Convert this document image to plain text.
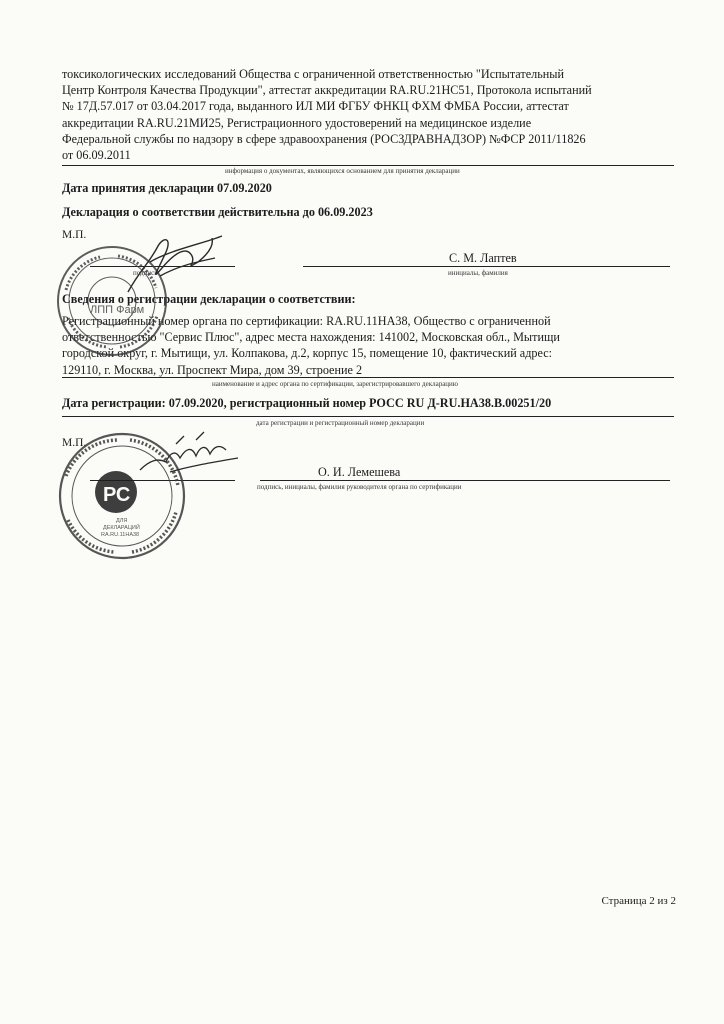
токсикологических исследований Общества с ограниченной ответственностью "Испытательный
Центр Контроля Качества Продукции", аттестат аккредитации RA.RU.21НС51, Протокола испытаний
№ 17Д.57.017 от 03.04.2017 года, выданного ИЛ МИ ФГБУ ФНКЦ ФХМ ФМБА России, аттестат
аккредитации RA.RU.21МИ25, Регистрационного удостоверений на медицинское изделие
Федеральной службы по надзору в сфере здравоохранения (РОСЗДРАВНАДЗОР) №ФСР 2011/11826
от 06.09.2011

информация о документах, являющихся основанием для принятия декларации
Дата принятия декларации 07.09.2020
Декларация о соответствии действительна до 06.09.2023
М.П.
С. М. Лаптев
подпись	инициалы, фамилия
Сведения о регистрации декларации о соответствии:

Регистрационный номер органа по сертификации: RA.RU.11НА38, Общество с ограниченной
ответственностью "Сервис Плюс", адрес места нахождения: 141002, Московская обл., Мытищи
городской округ, г. Мытищи, ул. Колпакова, д.2, корпус 15, помещение 10, фактический адрес:
129110, г. Москва, ул. Проспект Мира, дом 39, строение 2

наименование и адрес органа по сертификации, зарегистрировавшего декларацию
Дата регистрации: 07.09.2020, регистрационный номер РОСС RU Д-RU.НА38.В.00251/20
дата регистрации и регистрационный номер декларации
М.П.
О. И. Лемешева
подпись, инициалы, фамилия руководителя органа по сертификации
ЛПП Фарм
РС
ДЛЯ
ДЕКЛАРАЦИЙ
RA.RU.11НА38
Страница 2 из 2
